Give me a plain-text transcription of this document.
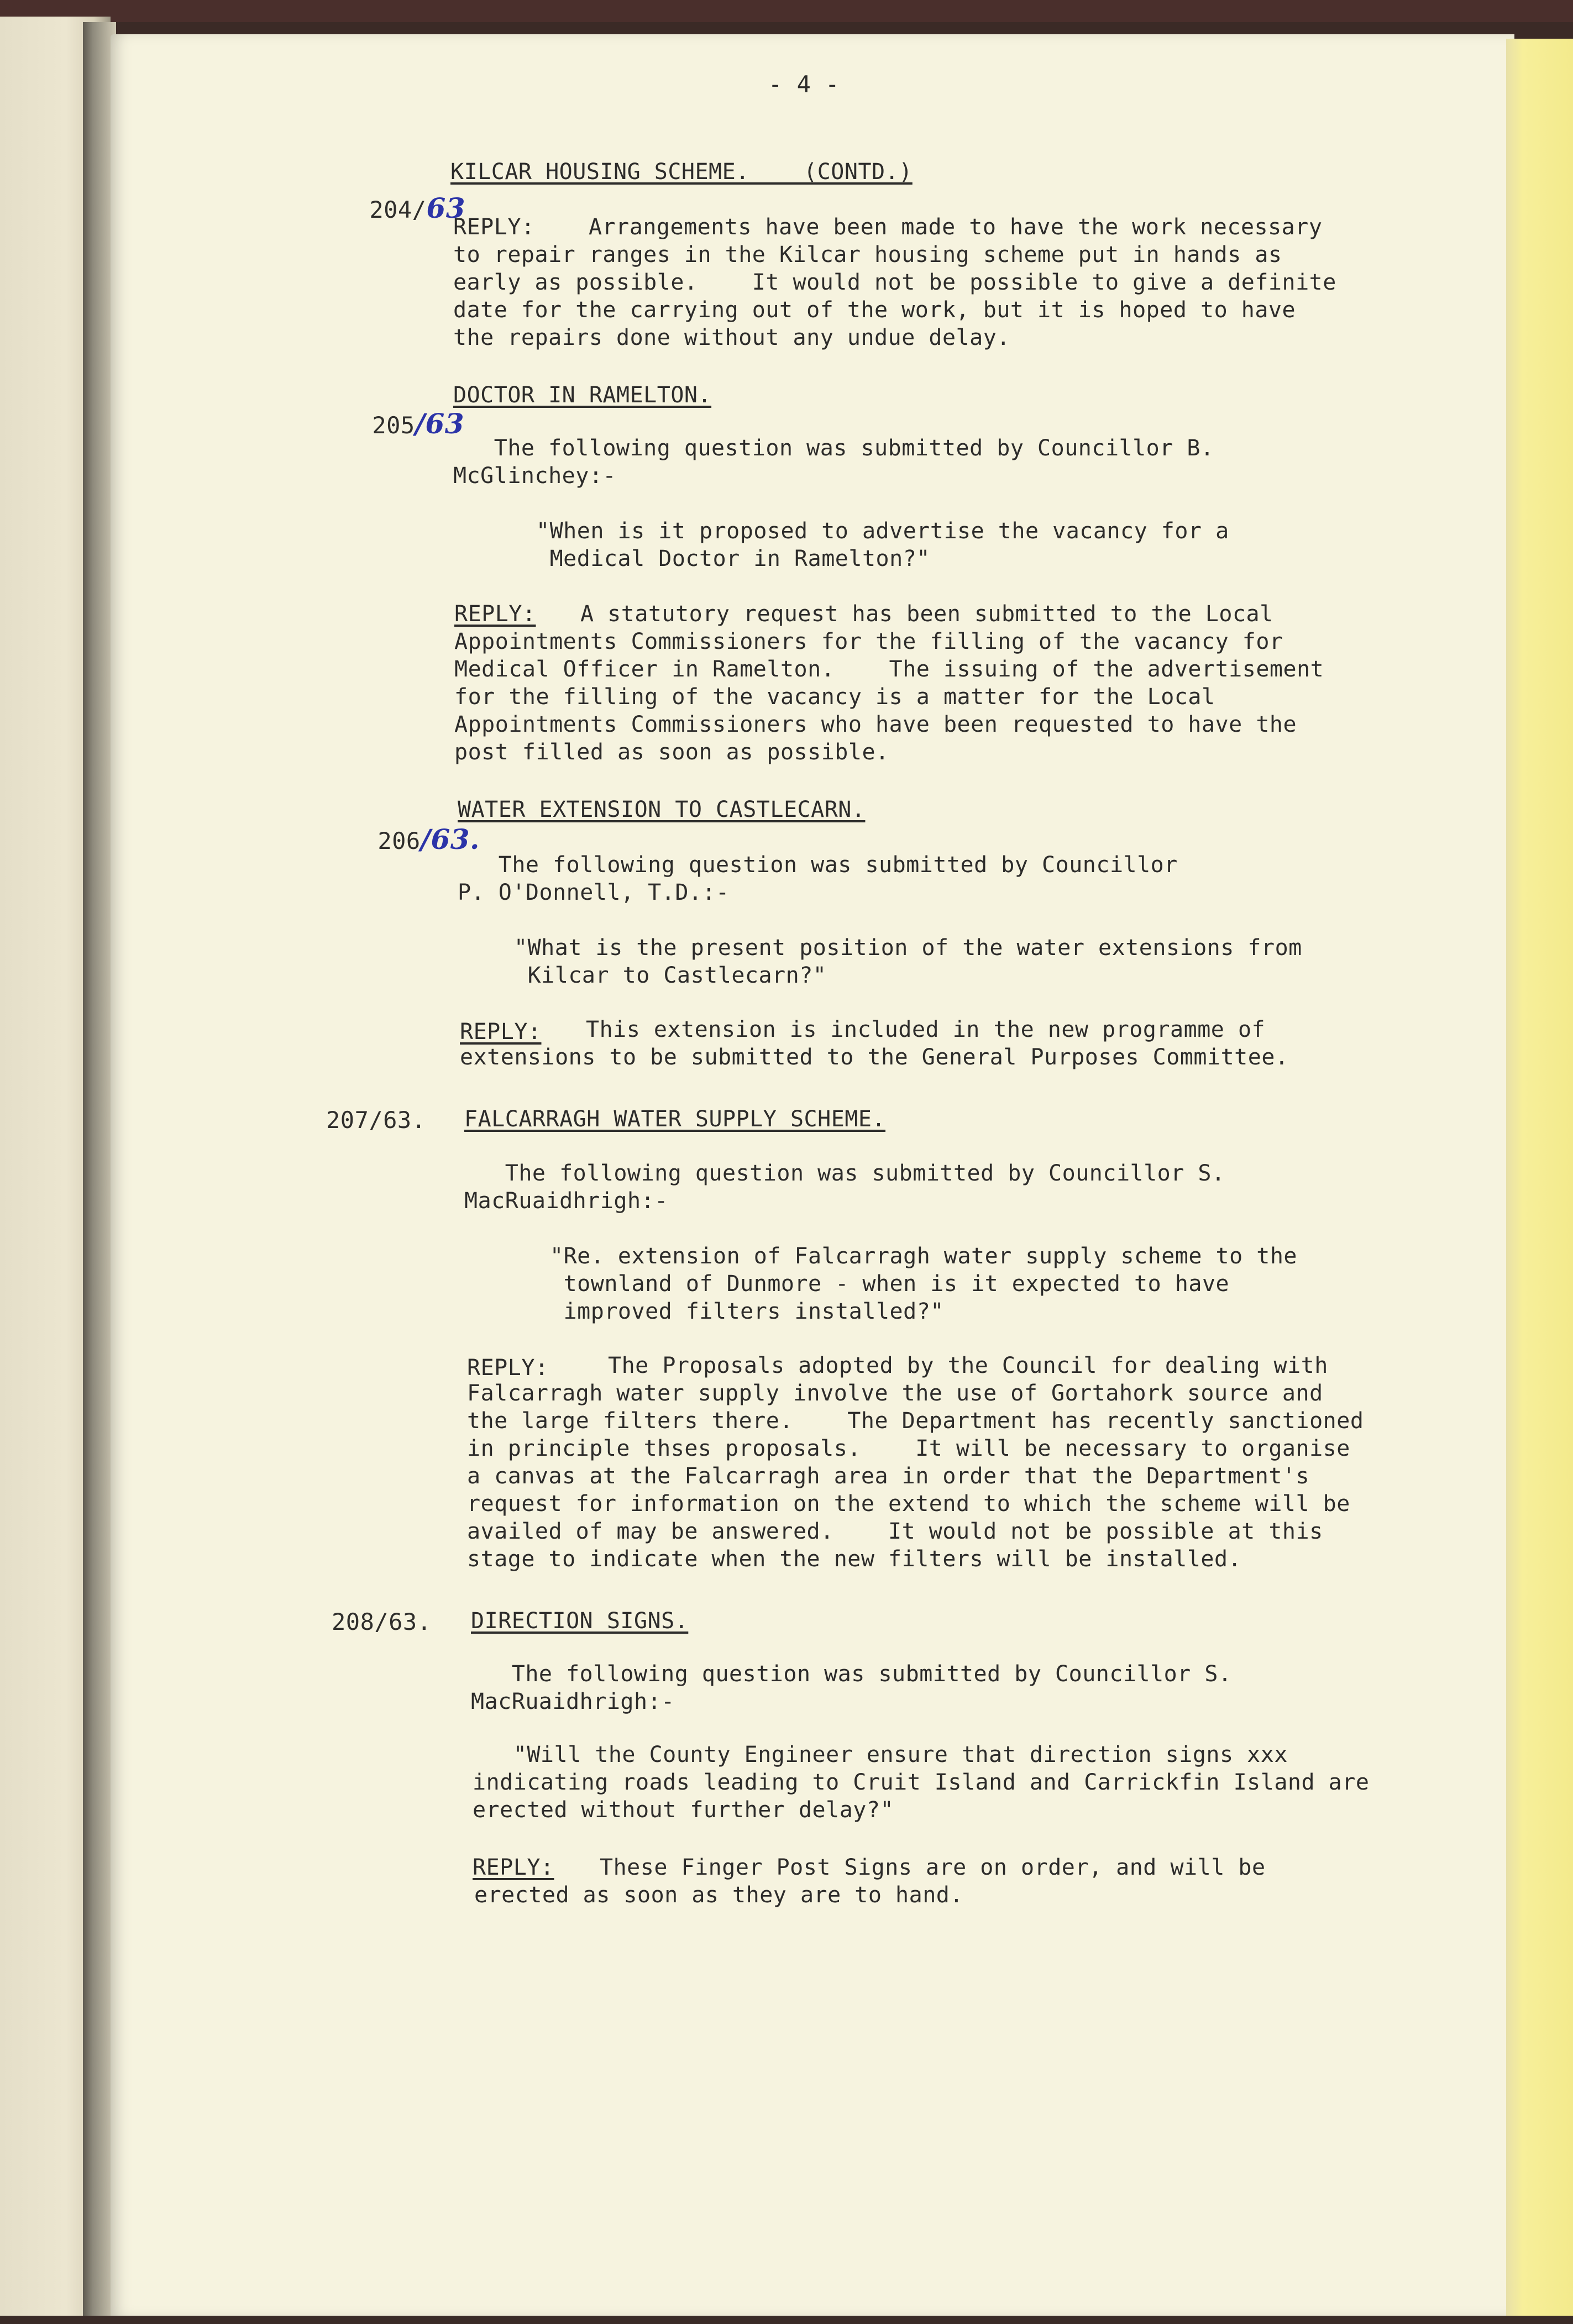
- 4 -

204/63

KILCAR HOUSING SCHEME.    (CONTD.)

REPLY: Arrangements have been made to have the work necessary

to repair ranges in the Kilcar housing scheme put in hands as

early as possible.    It would not be possible to give a definite

date for the carrying out of the work, but it is hoped to have

the repairs done without any undue delay.

205/63

DOCTOR IN RAMELTON.

The following question was submitted by Councillor B.

McGlinchey:-

"When is it proposed to advertise the vacancy for a

Medical Doctor in Ramelton?"

REPLY: A statutory request has been submitted to the Local

Appointments Commissioners for the filling of the vacancy for

Medical Officer in Ramelton.    The issuing of the advertisement

for the filling of the vacancy is a matter for the Local

Appointments Commissioners who have been requested to have the

post filled as soon as possible.

206/63.

WATER EXTENSION TO CASTLECARN.

The following question was submitted by Councillor

P. O'Donnell, T.D.:-

"What is the present position of the water extensions from

Kilcar to Castlecarn?"

REPLY: This extension is included in the new programme of

extensions to be submitted to the General Purposes Committee.

207/63. FALCARRAGH WATER SUPPLY SCHEME.

The following question was submitted by Councillor S.

MacRuaidhrigh:-

"Re. extension of Falcarragh water supply scheme to the

townland of Dunmore - when is it expected to have

improved filters installed?"

REPLY:	The Proposals adopted by the Council for dealing with

Falcarragh water supply involve the use of Gortahork source and

the large filters there.    The Department has recently sanctioned

in principle thses proposals.    It will be necessary to organise

a canvas at the Falcarragh area in order that the Department's

request for information on the extend to which the scheme will be

availed of may be answered.    It would not be possible at this

stage to indicate when the new filters will be installed.

208/63. DIRECTION SIGNS.

The following question was submitted by Councillor S.

MacRuaidhrigh:-

"Will the County Engineer ensure that direction signs xxx

indicating roads leading to Cruit Island and Carrickfin Island are

erected without further delay?"

REPLY: These Finger Post Signs are on order, and will be

erected as soon as they are to hand.
